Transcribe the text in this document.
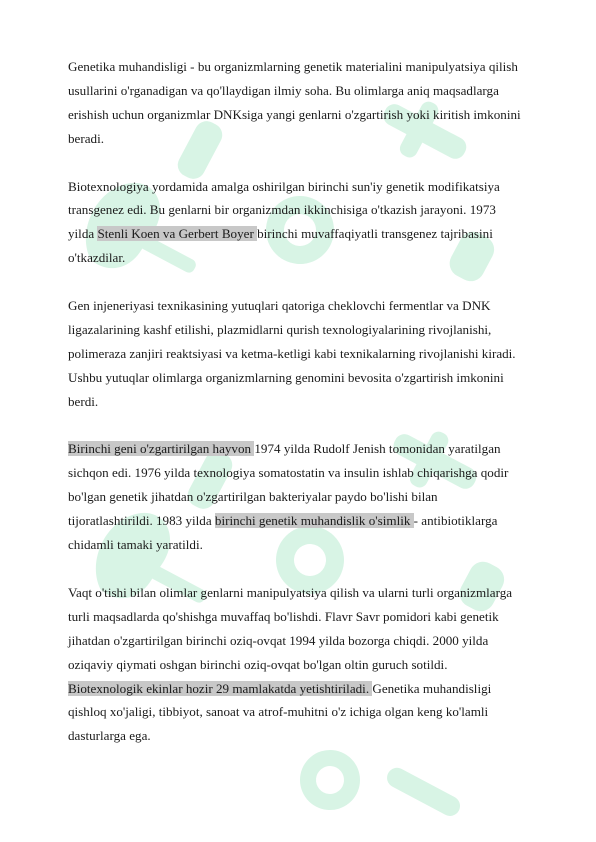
Genetika muhandisligi - bu organizmlarning genetik materialini manipulyatsiya qilish
usullarini o'rganadigan va qo'llaydigan ilmiy soha. Bu olimlarga aniq maqsadlarga
erishish uchun organizmlar DNKsiga yangi genlarni o'zgartirish yoki kiritish imkonini
beradi.

Biotexnologiya yordamida amalga oshirilgan birinchi sun'iy genetik modifikatsiya
transgenez edi. Bu genlarni bir organizmdan ikkinchisiga o'tkazish jarayoni. 1973
yilda Stenli Koen va Gerbert Boyer birinchi muvaffaqiyatli transgenez tajribasini
o'tkazdilar.

Gen injeneriyasi texnikasining yutuqlari qatoriga cheklovchi fermentlar va DNK
ligazalarining kashf etilishi, plazmidlarni qurish texnologiyalarining rivojlanishi,
polimeraza zanjiri reaktsiyasi va ketma-ketligi kabi texnikalarning rivojlanishi kiradi.
Ushbu yutuqlar olimlarga organizmlarning genomini bevosita o'zgartirish imkonini
berdi.

Birinchi geni o'zgartirilgan hayvon 1974 yilda Rudolf Jenish tomonidan yaratilgan
sichqon edi. 1976 yilda texnologiya somatostatin va insulin ishlab chiqarishga qodir
bo'lgan genetik jihatdan o'zgartirilgan bakteriyalar paydo bo'lishi bilan
tijoratlashtirildi. 1983 yilda birinchi genetik muhandislik o'simlik - antibiotiklarga
chidamli tamaki yaratildi.

Vaqt o'tishi bilan olimlar genlarni manipulyatsiya qilish va ularni turli organizmlarga
turli maqsadlarda qo'shishga muvaffaq bo'lishdi. Flavr Savr pomidori kabi genetik
jihatdan o'zgartirilgan birinchi oziq-ovqat 1994 yilda bozorga chiqdi. 2000 yilda
oziqaviy qiymati oshgan birinchi oziq-ovqat bo'lgan oltin guruch sotildi.
Biotexnologik ekinlar hozir 29 mamlakatda yetishtiriladi. Genetika muhandisligi
qishloq xo'jaligi, tibbiyot, sanoat va atrof-muhitni o'z ichiga olgan keng ko'lamli
dasturlarga ega.
